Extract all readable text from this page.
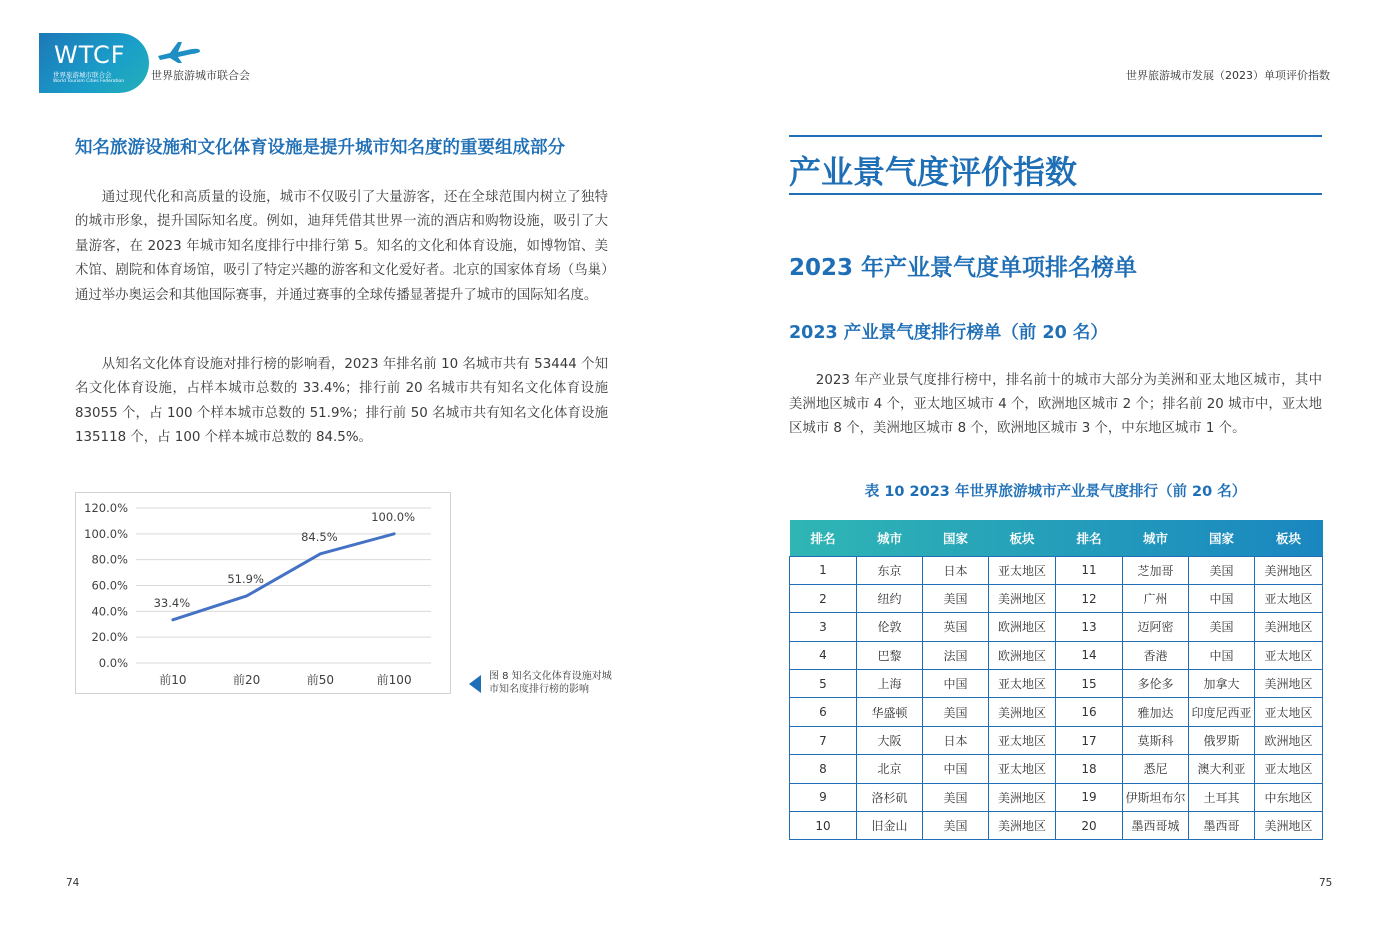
WTCF
世界旅游城市联合会
World Tourism Cities Federation 世界旅游城市联合会	世界旅游城市发展（2023）单项评价指数
知名旅游设施和文化体育设施是提升城市知名度的重要组成部分

通过现代化和高质量的设施，城市不仅吸引了大量游客，还在全球范围内树立了独特的城市形象，提升国际知名度。例如，迪拜凭借其世界一流的酒店和购物设施，吸引了大量游客，在 2023 年城市知名度排行中排行第 5。知名的文化和体育设施，如博物馆、美术馆、剧院和体育场馆，吸引了特定兴趣的游客和文化爱好者。北京的国家体育场（鸟巢）通过举办奥运会和其他国际赛事，并通过赛事的全球传播显著提升了城市的国际知名度。

从知名文化体育设施对排行榜的影响看，2023 年排名前 10 名城市共有 53444 个知名文化体育设施，占样本城市总数的 33.4%；排行前 20 名城市共有知名文化体育设施 83055 个，占 100 个样本城市总数的 51.9%；排行前 50 名城市共有知名文化体育设施 135118 个，占 100 个样本城市总数的 84.5%。

120.0%
100.0%
80.0%
60.0%
40.0%
20.0%
0.0%
前10	前20	前50	前100
33.4%
51.9%
84.5%
100.0%
图 8 知名文化体育设施对城市知名度排行榜的影响
74
产业景气度评价指数
2023 年产业景气度单项排名榜单
2023 产业景气度排行榜单（前 20 名）

2023 年产业景气度排行榜中，排名前十的城市大部分为美洲和亚太地区城市，其中美洲地区城市 4 个，亚太地区城市 4 个，欧洲地区城市 2 个；排名前 20 城市中，亚太地区城市 8 个，美洲地区城市 8 个，欧洲地区城市 3 个，中东地区城市 1 个。

表 10 2023 年世界旅游城市产业景气度排行（前 20 名）
排名	城市	国家	板块	排名	城市	国家	板块
1	东京	日本	亚太地区	11	芝加哥	美国	美洲地区
2	纽约	美国	美洲地区	12	广州	中国	亚太地区
3	伦敦	英国	欧洲地区	13	迈阿密	美国	美洲地区
4	巴黎	法国	欧洲地区	14	香港	中国	亚太地区
5	上海	中国	亚太地区	15	多伦多	加拿大	美洲地区
6	华盛顿	美国	美洲地区	16	雅加达	印度尼西亚	亚太地区
7	大阪	日本	亚太地区	17	莫斯科	俄罗斯	欧洲地区
8	北京	中国	亚太地区	18	悉尼	澳大利亚	亚太地区
9	洛杉矶	美国	美洲地区	19	伊斯坦布尔	土耳其	中东地区
10	旧金山	美国	美洲地区	20	墨西哥城	墨西哥	美洲地区
75
